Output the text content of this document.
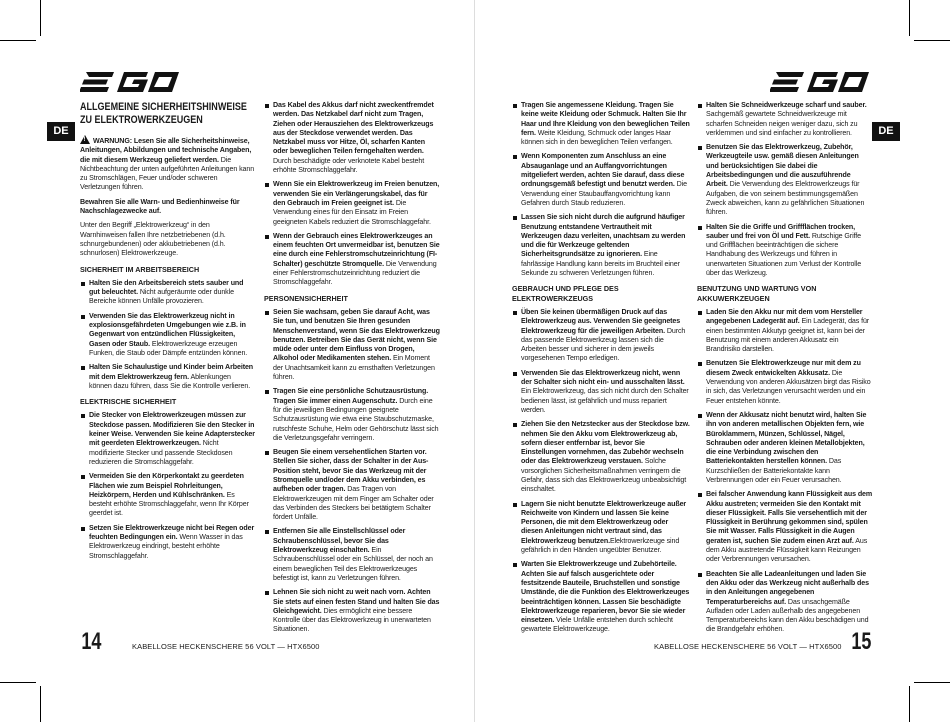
DE	DE
ALLGEMEINE SICHERHEITSHINWEISE ZU ELEKTROWERKZEUGEN

!WARNUNG: Lesen Sie alle Sicherheitshinweise, Anleitungen, Abbildungen und technische Angaben, die mit diesem Werkzeug geliefert werden. Die Nichtbeachtung der unten aufgeführten Anleitungen kann zu Stromschlägen, Feuer und/oder schweren Verletzungen führen.

Bewahren Sie alle Warn- und Bedienhinweise für Nachschlagezwecke auf.

Unter den Begriff „Elektrowerkzeug“ in den Warnhinweisen fallen Ihre netzbetriebenen (d.h. schnurgebundenen) oder akkubetriebenen (d.h. schnurlosen) Elektrowerkzeuge.

SICHERHEIT IM ARBEITSBEREICH
Halten Sie den Arbeitsbereich stets sauber und gut beleuchtet. Nicht aufgeräumte oder dunkle Bereiche können Unfälle provozieren.
Verwenden Sie das Elektrowerkzeug nicht in explosionsgefährdeten Umgebungen wie z.B. in Gegenwart von entzündlichen Flüssigkeiten, Gasen oder Staub. Elektrowerkzeuge erzeugen Funken, die Staub oder Dämpfe entzünden können.
Halten Sie Schaulustige und Kinder beim Arbeiten mit dem Elektrowerkzeug fern. Ablenkungen können dazu führen, dass Sie die Kontrolle verlieren.
ELEKTRISCHE SICHERHEIT
Die Stecker von Elektrowerkzeugen müssen zur Steckdose passen. Modifizieren Sie den Stecker in keiner Weise. Verwenden Sie keine Adapterstecker mit geerdeten Elektrowerkzeugen. Nicht modifizierte Stecker und passende Steckdosen reduzieren die Stromschlaggefahr.
Vermeiden Sie den Körperkontakt zu geerdeten Flächen wie zum Beispiel Rohrleitungen, Heizkörpern, Herden und Kühlschränken. Es besteht erhöhte Stromschlaggefahr, wenn Ihr Körper geerdet ist.
Setzen Sie Elektrowerkzeuge nicht bei Regen oder feuchten Bedingungen ein. Wenn Wasser in das Elektrowerkzeug eindringt, besteht erhöhte Stromschlaggefahr.
Das Kabel des Akkus darf nicht zweckentfremdet werden. Das Netzkabel darf nicht zum Tragen, Ziehen oder Herausziehen des Elektrowerkzeugs aus der Steckdose verwendet werden. Das Netzkabel muss vor Hitze, Öl, scharfen Kanten oder beweglichen Teilen ferngehalten werden. Durch beschädigte oder verknotete Kabel besteht erhöhte Stromschlaggefahr.
Wenn Sie ein Elektrowerkzeug im Freien benutzen, verwenden Sie ein Verlängerungskabel, das für den Gebrauch im Freien geeignet ist. Die Verwendung eines für den Einsatz im Freien geeigneten Kabels reduziert die Stromschlaggefahr.
Wenn der Gebrauch eines Elektrowerkzeuges an einem feuchten Ort unvermeidbar ist, benutzen Sie eine durch eine Fehlerstromschutzeinrichtung (FI-Schalter) geschützte Stromquelle. Die Verwendung einer Fehlerstromschutzeinrichtung reduziert die Stromschlaggefahr.
PERSONENSICHERHEIT
Seien Sie wachsam, geben Sie darauf Acht, was Sie tun, und benutzen Sie Ihren gesunden Menschenverstand, wenn Sie das Elektrowerkzeug benutzen. Betreiben Sie das Gerät nicht, wenn Sie müde oder unter dem Einfluss von Drogen, Alkohol oder Medikamenten stehen. Ein Moment der Unachtsamkeit kann zu ernsthaften Verletzungen führen.
Tragen Sie eine persönliche Schutzausrüstung. Tragen Sie immer einen Augenschutz. Durch eine für die jeweiligen Bedingungen geeignete Schutzausrüstung wie etwa eine Staubschutzmaske, rutschfeste Schuhe, Helm oder Gehörschutz lässt sich die Verletzungsgefahr verringern.
Beugen Sie einem versehentlichen Starten vor. Stellen Sie sicher, dass der Schalter in der Aus-Position steht, bevor Sie das Werkzeug mit der Stromquelle und/oder dem Akku verbinden, es aufheben oder tragen. Das Tragen von Elektrowerkzeugen mit dem Finger am Schalter oder das Verbinden des Steckers bei betätigtem Schalter fördert Unfälle.
Entfernen Sie alle Einstellschlüssel oder Schraubenschlüssel, bevor Sie das Elektrowerkzeug einschalten. Ein Schraubenschlüssel oder ein Schlüssel, der noch an einem beweglichen Teil des Elektrowerkzeuges befestigt ist, kann zu Verletzungen führen.
Lehnen Sie sich nicht zu weit nach vorn. Achten Sie stets auf einen festen Stand und halten Sie das Gleichgewicht. Dies ermöglicht eine bessere Kontrolle über das Elektrowerkzeug in unerwarteten Situationen.
14	KABELLOSE HECKENSCHERE 56 VOLT — HTX6500
Tragen Sie angemessene Kleidung. Tragen Sie keine weite Kleidung oder Schmuck. Halten Sie Ihr Haar und Ihre Kleidung von den beweglichen Teilen fern. Weite Kleidung, Schmuck oder langes Haar können sich in den beweglichen Teilen verfangen.
Wenn Komponenten zum Anschluss an eine Absauganlage und an Auffangvorrichtungen mitgeliefert werden, achten Sie darauf, dass diese ordnungsgemäß befestigt und benutzt werden. Die Verwendung einer Staubauffangvorrichtung kann Gefahren durch Staub reduzieren.
Lassen Sie sich nicht durch die aufgrund häufiger Benutzung entstandene Vertrautheit mit Werkzeugen dazu verleiten, unachtsam zu werden und die für Werkzeuge geltenden Sicherheitsgrundsätze zu ignorieren. Eine fahrlässige Handlung kann bereits im Bruchteil einer Sekunde zu schweren Verletzungen führen.
GEBRAUCH UND PFLEGE DES ELEKTROWERKZEUGS
Üben Sie keinen übermäßigen Druck auf das Elektrowerkzeug aus. Verwenden Sie geeignetes Elektrowerkzeug für die jeweiligen Arbeiten. Durch das passende Elektrowerkzeug lassen sich die Arbeiten besser und sicherer in dem jeweils vorgesehenen Tempo erledigen.
Verwenden Sie das Elektrowerkzeug nicht, wenn der Schalter sich nicht ein- und ausschalten lässt. Ein Elektrowerkzeug, das sich nicht durch den Schalter bedienen lässt, ist gefährlich und muss repariert werden.
Ziehen Sie den Netzstecker aus der Steckdose bzw. nehmen Sie den Akku vom Elektrowerkzeug ab, sofern dieser entfernbar ist, bevor Sie Einstellungen vornehmen, das Zubehör wechseln oder das Elektrowerkzeug verstauen. Solche vorsorglichen Sicherheitsmaßnahmen verringern die Gefahr, dass sich das Elektrowerkzeug unbeabsichtigt einschaltet.
Lagern Sie nicht benutzte Elektrowerkzeuge außer Reichweite von Kindern und lassen Sie keine Personen, die mit dem Elektrowerkzeug oder diesen Anleitungen nicht vertraut sind, das Elektrowerkzeug benutzen.Elektrowerkzeuge sind gefährlich in den Händen ungeübter Benutzer.
Warten Sie Elektrowerkzeuge und Zubehörteile. Achten Sie auf falsch ausgerichtete oder festsitzende Bauteile, Bruchstellen und sonstige Umstände, die die Funktion des Elektrowerkzeuges beeinträchtigen können. Lassen Sie beschädigte Elektrowerkzeuge reparieren, bevor Sie sie wieder einsetzen. Viele Unfälle entstehen durch schlecht gewartete Elektrowerkzeuge.
Halten Sie Schneidwerkzeuge scharf und sauber. Sachgemäß gewartete Schneidwerkzeuge mit scharfen Schneiden neigen weniger dazu, sich zu verklemmen und sind einfacher zu kontrollieren.
Benutzen Sie das Elektrowerkzeug, Zubehör, Werkzeugteile usw. gemäß diesen Anleitungen und berücksichtigen Sie dabei die Arbeitsbedingungen und die auszuführende Arbeit. Die Verwendung des Elektrowerkzeugs für Aufgaben, die von seinem bestimmungsgemäßen Zweck abweichen, kann zu gefährlichen Situationen führen.
Halten Sie die Griffe und Griffflächen trocken, sauber und frei von Öl und Fett. Rutschige Griffe und Griffflächen beeinträchtigen die sichere Handhabung des Werkzeugs und führen in unerwarteten Situationen zum Verlust der Kontrolle über das Werkzeug.
BENUTZUNG UND WARTUNG VON AKKUWERKZEUGEN
Laden Sie den Akku nur mit dem vom Hersteller angegebenen Ladegerät auf. Ein Ladegerät, das für einen bestimmten Akkutyp geeignet ist, kann bei der Benutzung mit einem anderen Akkusatz ein Brandrisiko darstellen.
Benutzen Sie Elektrowerkzeuge nur mit dem zu diesem Zweck entwickelten Akkusatz. Die Verwendung von anderen Akkusätzen birgt das Risiko in sich, das Verletzungen verursacht werden und ein Feuer entstehen könnte.
Wenn der Akkusatz nicht benutzt wird, halten Sie ihn von anderen metallischen Objekten fern, wie Büroklammern, Münzen, Schlüssel, Nägel, Schrauben oder anderen kleinen Metallobjekten, die eine Verbindung zwischen den Batteriekontakten herstellen können. Das Kurzschließen der Batteriekontakte kann Verbrennungen oder ein Feuer verursachen.
Bei falscher Anwendung kann Flüssigkeit aus dem Akku austreten; vermeiden Sie den Kontakt mit dieser Flüssigkeit. Falls Sie versehentlich mit der Flüssigkeit in Berührung gekommen sind, spülen Sie mit Wasser. Falls Flüssigkeit in die Augen geraten ist, suchen Sie zudem einen Arzt auf. Aus dem Akku austretende Flüssigkeit kann Reizungen oder Verbrennungen verursachen.
Beachten Sie alle Ladeanleitungen und laden Sie den Akku oder das Werkzeug nicht außerhalb des in den Anleitungen angegebenen Temperaturbereichs auf. Das unsachgemäße Aufladen oder Laden außerhalb des angegebenen Temperaturbereichs kann den Akku beschädigen und die Brandgefahr erhöhen.
KABELLOSE HECKENSCHERE 56 VOLT — HTX6500 15
